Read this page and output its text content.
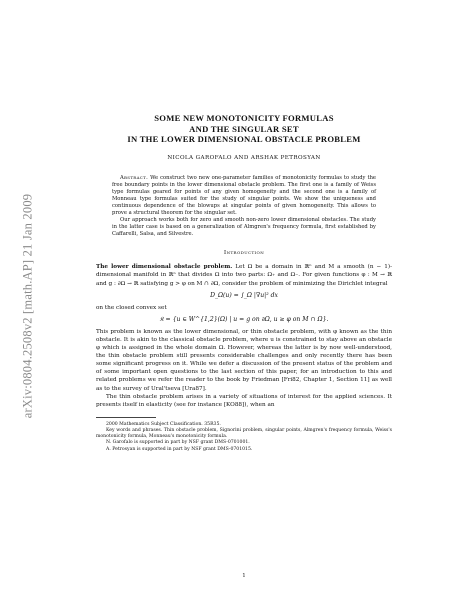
arXiv:0804.2508v2 [math.AP] 21 Jan 2009
SOME NEW MONOTONICITY FORMULAS
AND THE SINGULAR SET
IN THE LOWER DIMENSIONAL OBSTACLE PROBLEM
NICOLA GAROFALO AND ARSHAK PETROSYAN

Abstract. We construct two new one-parameter families of monotonicity formulas to study the free boundary points in the lower dimensional obstacle problem. The first one is a family of Weiss type formulas geared for points of any given homogeneity and the second one is a family of Monneau type formulas suited for the study of singular points. We show the uniqueness and continuous dependence of the blowups at singular points of given homogeneity. This allows to prove a structural theorem for the singular set.

Our approach works both for zero and smooth non-zero lower dimensional obstacles. The study in the latter case is based on a generalization of Almgren's frequency formula, first established by Caffarelli, Salsa, and Silvestre.

Introduction

The lower dimensional obstacle problem. Let Ω be a domain in ℝⁿ and M a smooth (n − 1)-dimensional manifold in ℝⁿ that divides Ω into two parts: Ω₊ and Ω₋. For given functions φ : M → ℝ and g : ∂Ω → ℝ satisfying g > φ on M ∩ ∂Ω, consider the problem of minimizing the Dirichlet integral

D_Ω(u) = ∫_Ω |∇u|² dx

on the closed convex set

𝔎 = {u ∈ W^{1,2}(Ω) | u = g on ∂Ω, u ≥ φ on M ∩ Ω}.

This problem is known as the lower dimensional, or thin obstacle problem, with φ known as the thin obstacle. It is akin to the classical obstacle problem, where u is constrained to stay above an obstacle φ which is assigned in the whole domain Ω. However, whereas the latter is by now well-understood, the thin obstacle problem still presents considerable challenges and only recently there has been some significant progress on it. While we defer a discussion of the present status of the problem and of some important open questions to the last section of this paper, for an introduction to this and related problems we refer the reader to the book by Friedman [Fri82, Chapter 1, Section 11] as well as to the survey of Ural'tseva [Ura87].

The thin obstacle problem arises in a variety of situations of interest for the applied sciences. It presents itself in elasticity (see for instance [KO88]), when an

2000 Mathematics Subject Classification. 35R35.

Key words and phrases. Thin obstacle problem, Signorini problem, singular points, Almgren's frequency formula, Weiss's monotonicity formula, Monneau's monotonicity formula.

N. Garofalo is supported in part by NSF grant DMS-0701001.

A. Petrosyan is supported in part by NSF grant DMS-0701015.

1
